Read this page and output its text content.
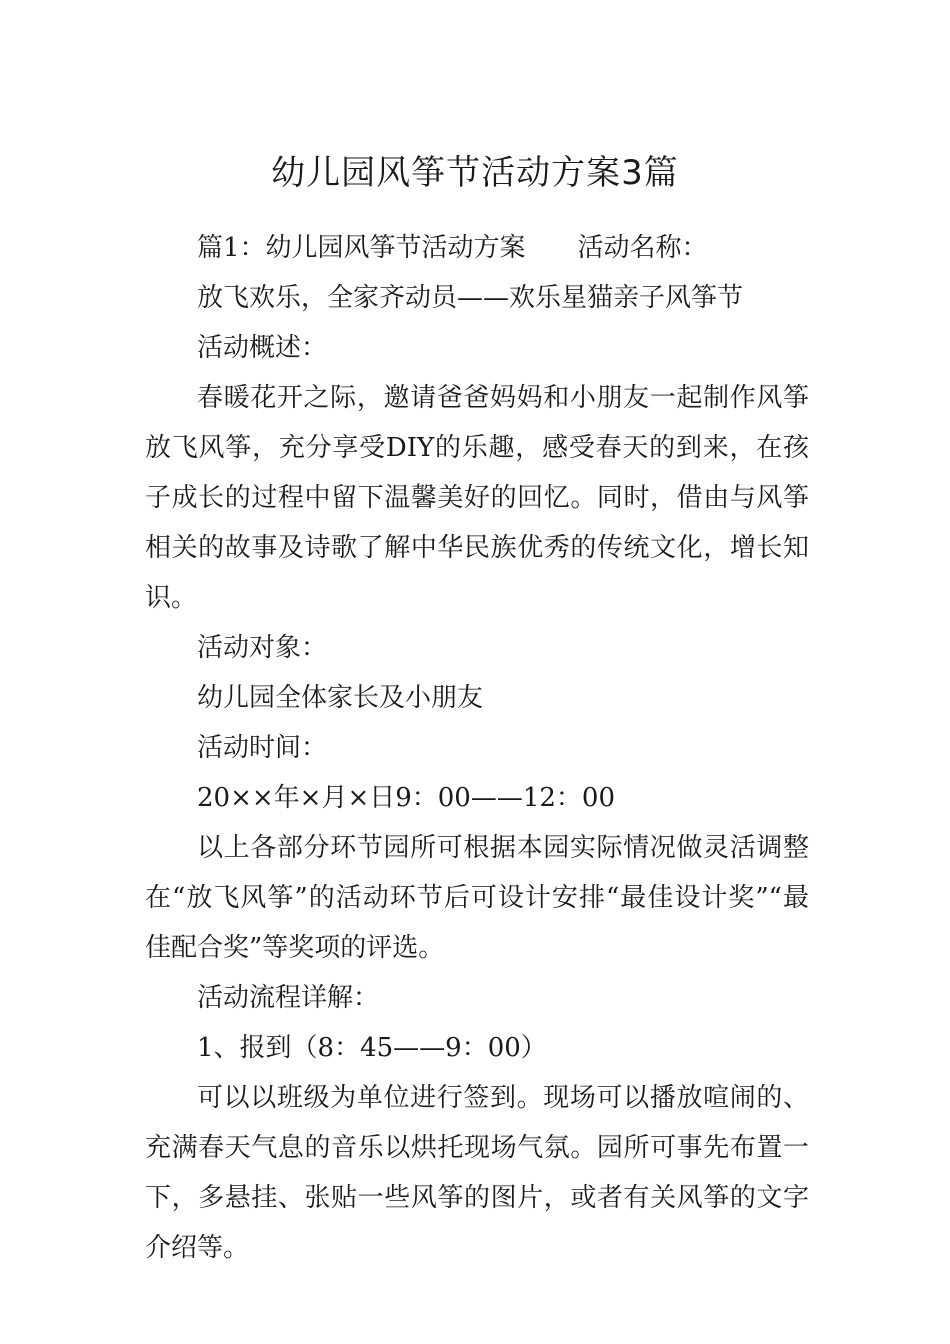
幼儿园风筝节活动方案3篇

篇1：幼儿园风筝节活动方案　　活动名称：

放飞欢乐，全家齐动员——欢乐星猫亲子风筝节

活动概述：

春暖花开之际，邀请爸爸妈妈和小朋友一起制作风筝放飞风筝，充分享受DIY的乐趣，感受春天的到来，在孩子成长的过程中留下温馨美好的回忆。同时，借由与风筝相关的故事及诗歌了解中华民族优秀的传统文化，增长知识。

活动对象：

幼儿园全体家长及小朋友

活动时间：

20××年×月×日9：00——12：00

以上各部分环节园所可根据本园实际情况做灵活调整在“放飞风筝”的活动环节后可设计安排“最佳设计奖”“最佳配合奖”等奖项的评选。

活动流程详解：

1、报到（8：45——9：00）

可以以班级为单位进行签到。现场可以播放喧闹的、充满春天气息的音乐以烘托现场气氛。园所可事先布置一下，多悬挂、张贴一些风筝的图片，或者有关风筝的文字介绍等。
